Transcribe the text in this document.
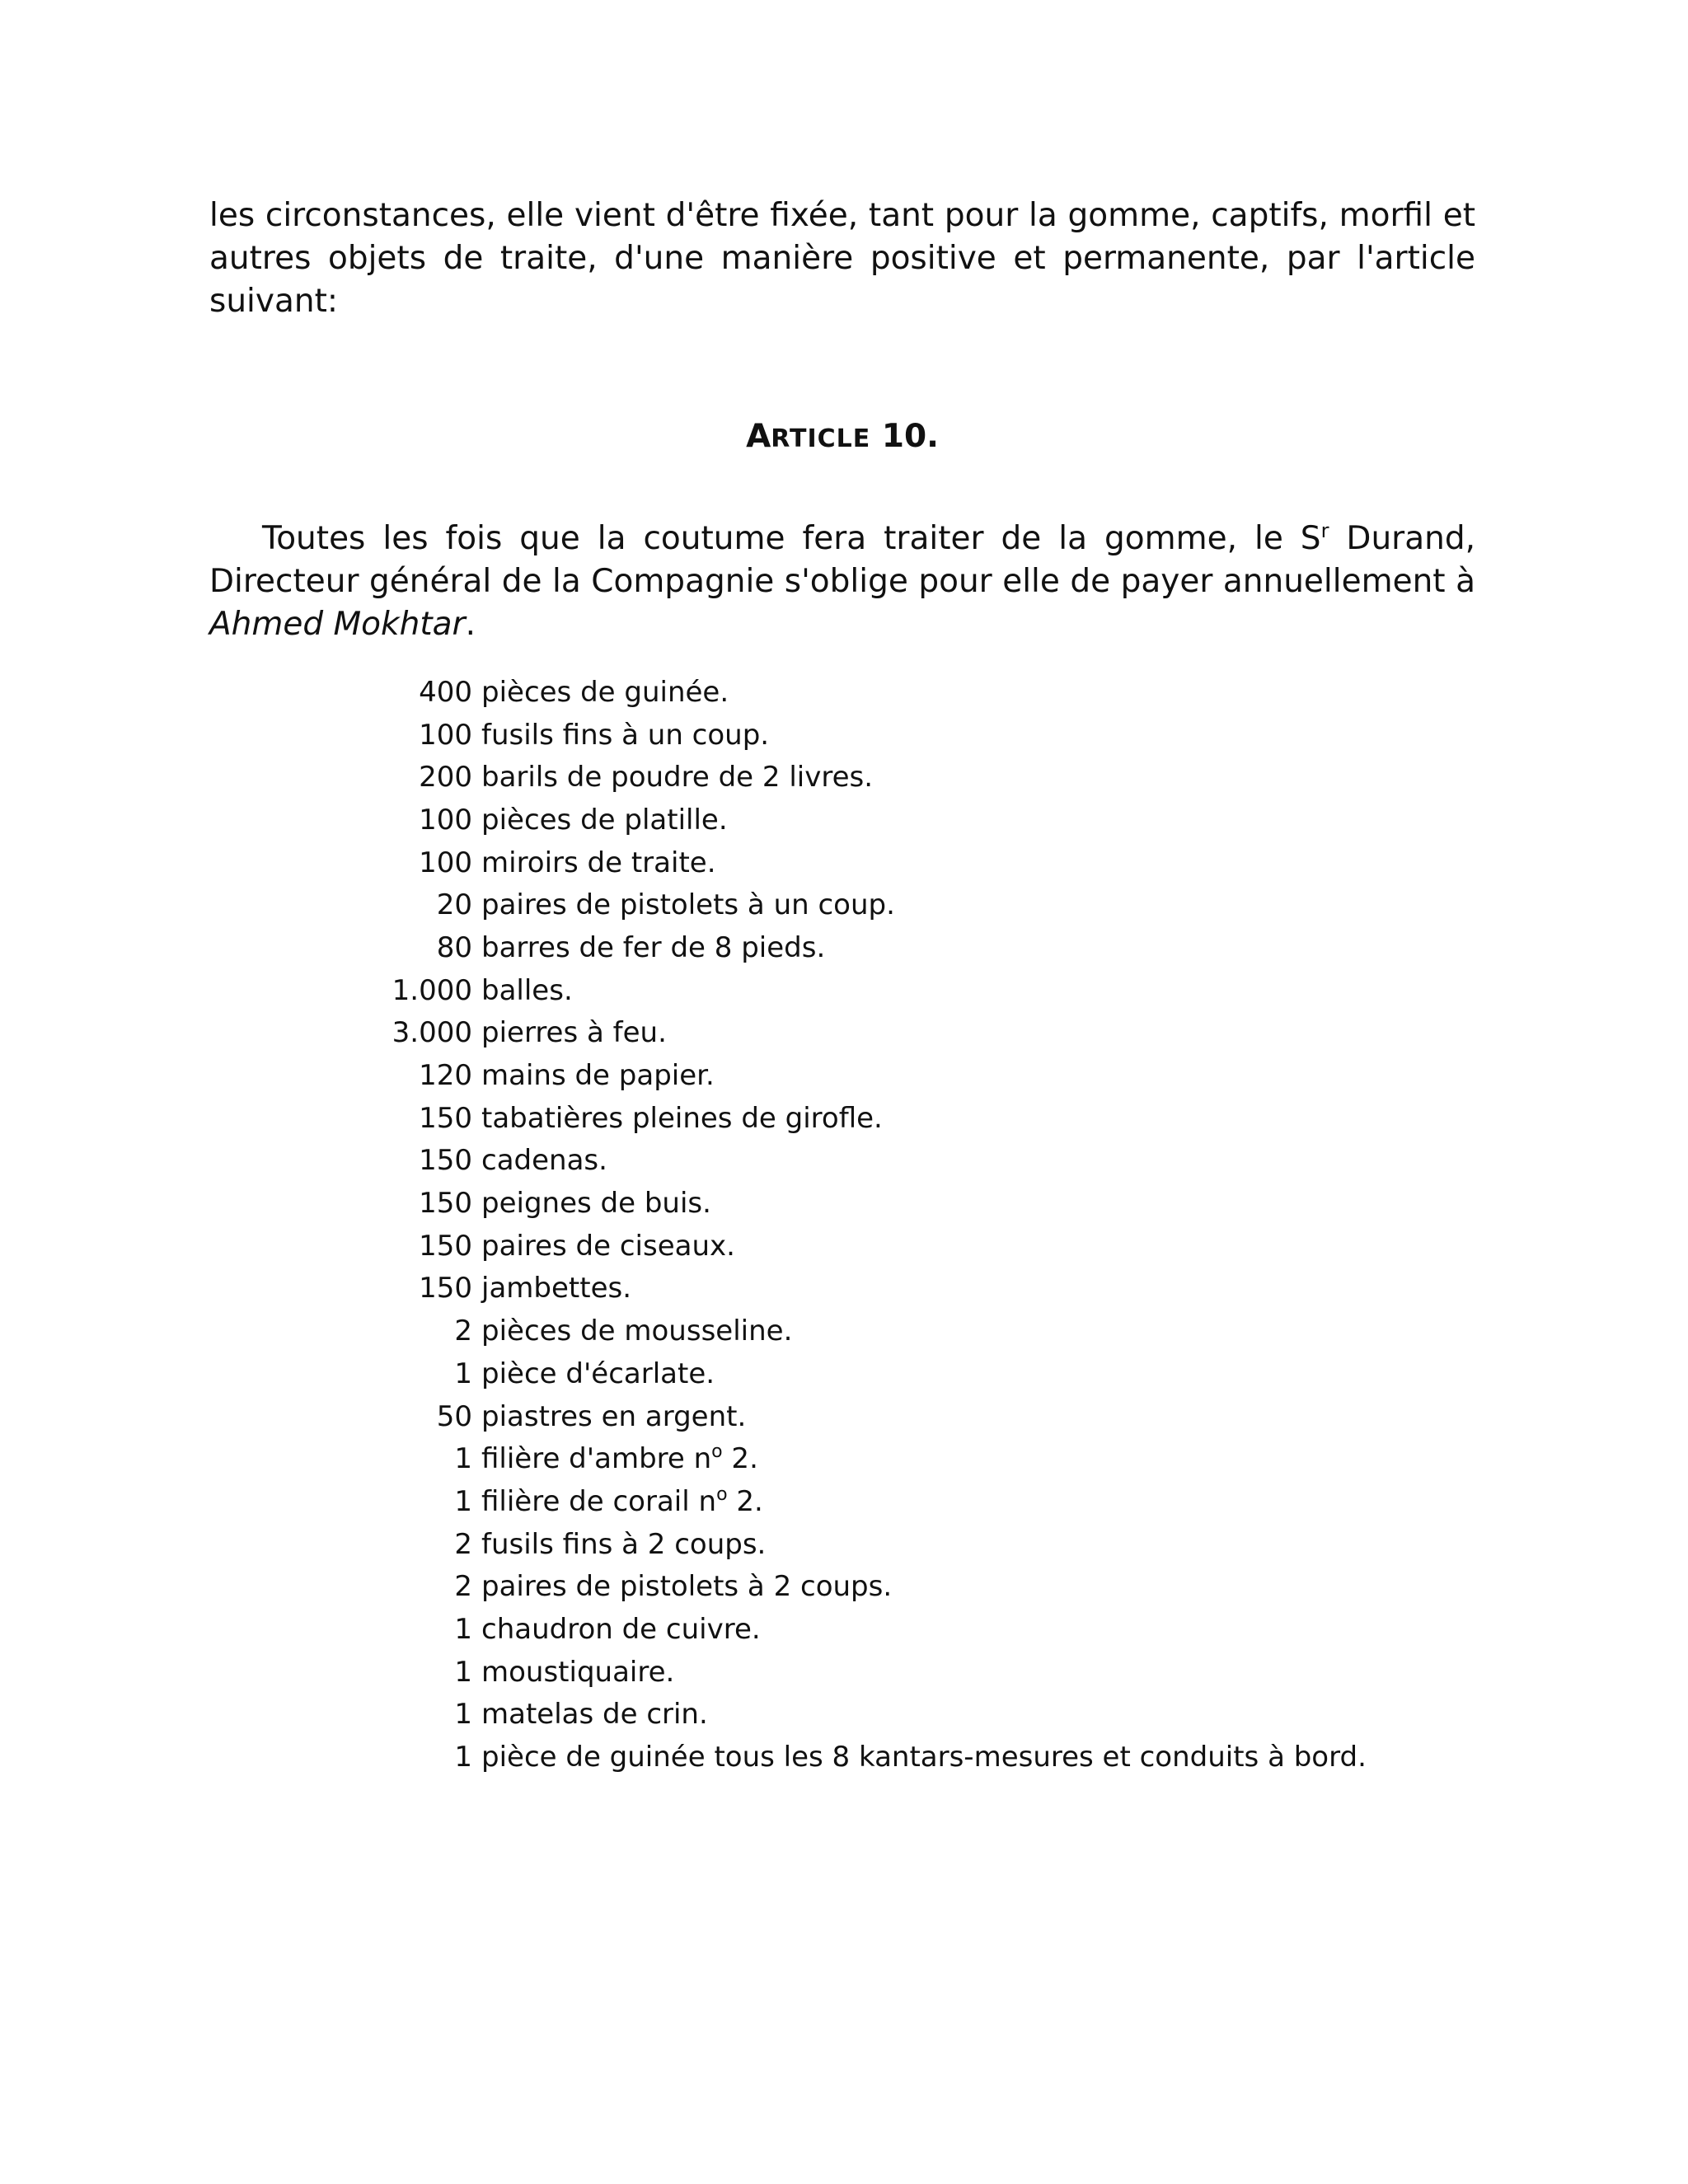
les circonstances, elle vient d'être fixée, tant pour la gomme, captifs, morfil et autres objets de traite, d'une manière positive et permanente, par l'article suivant:

ARTICLE 10.

Toutes les fois que la coutume fera traiter de la gomme, le $S^r$ Durand, Directeur général de la Compagnie s'oblige pour elle de payer annuellement à Ahmed Mokhtar.

400 pièces de guinée.
100 fusils fins à un coup.
200 barils de poudre de 2 livres.
100 pièces de platille.
100 miroirs de traite.
20 paires de pistolets à un coup.
80 barres de fer de 8 pieds.
1.000 balles.
3.000 pierres à feu.
120 mains de papier.
150 tabatières pleines de girofle.
150 cadenas.
150 peignes de buis.
150 paires de ciseaux.
150 jambettes.
2 pièces de mousseline.
1 pièce d'écarlate.
50 piastres en argent.
1 filière d'ambre $n^o$ 2.
1 filière de corail $n^o$ 2.
2 fusils fins à 2 coups.
2 paires de pistolets à 2 coups.
1 chaudron de cuivre.
1 moustiquaire.
1 matelas de crin.
1 pièce de guinée tous les 8 kantars-mesures et conduits à bord.
